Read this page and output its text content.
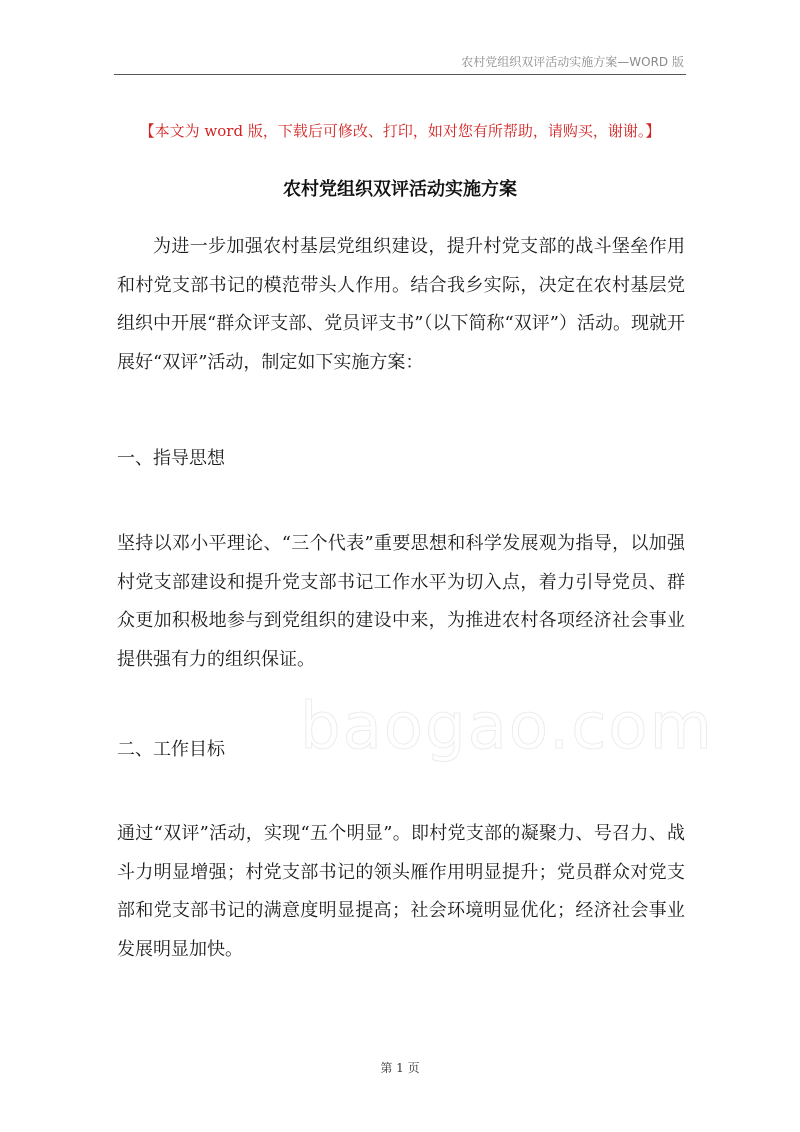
农村党组织双评活动实施方案—WORD 版
【本文为 word 版，下载后可修改、打印，如对您有所帮助，请购买，谢谢。】
农村党组织双评活动实施方案
为进一步加强农村基层党组织建设，提升村党支部的战斗堡垒作用和村党支部书记的模范带头人作用。结合我乡实际，决定在农村基层党组织中开展“群众评支部、党员评支书”（以下简称“双评”）活动。现就开展好“双评”活动，制定如下实施方案：
一、指导思想
坚持以邓小平理论、“三个代表”重要思想和科学发展观为指导，以加强村党支部建设和提升党支部书记工作水平为切入点，着力引导党员、群众更加积极地参与到党组织的建设中来，为推进农村各项经济社会事业提供强有力的组织保证。
baogao.com
二、工作目标
通过“双评”活动，实现“五个明显”。即村党支部的凝聚力、号召力、战斗力明显增强；村党支部书记的领头雁作用明显提升；党员群众对党支部和党支部书记的满意度明显提高；社会环境明显优化；经济社会事业发展明显加快。
第 1 页
